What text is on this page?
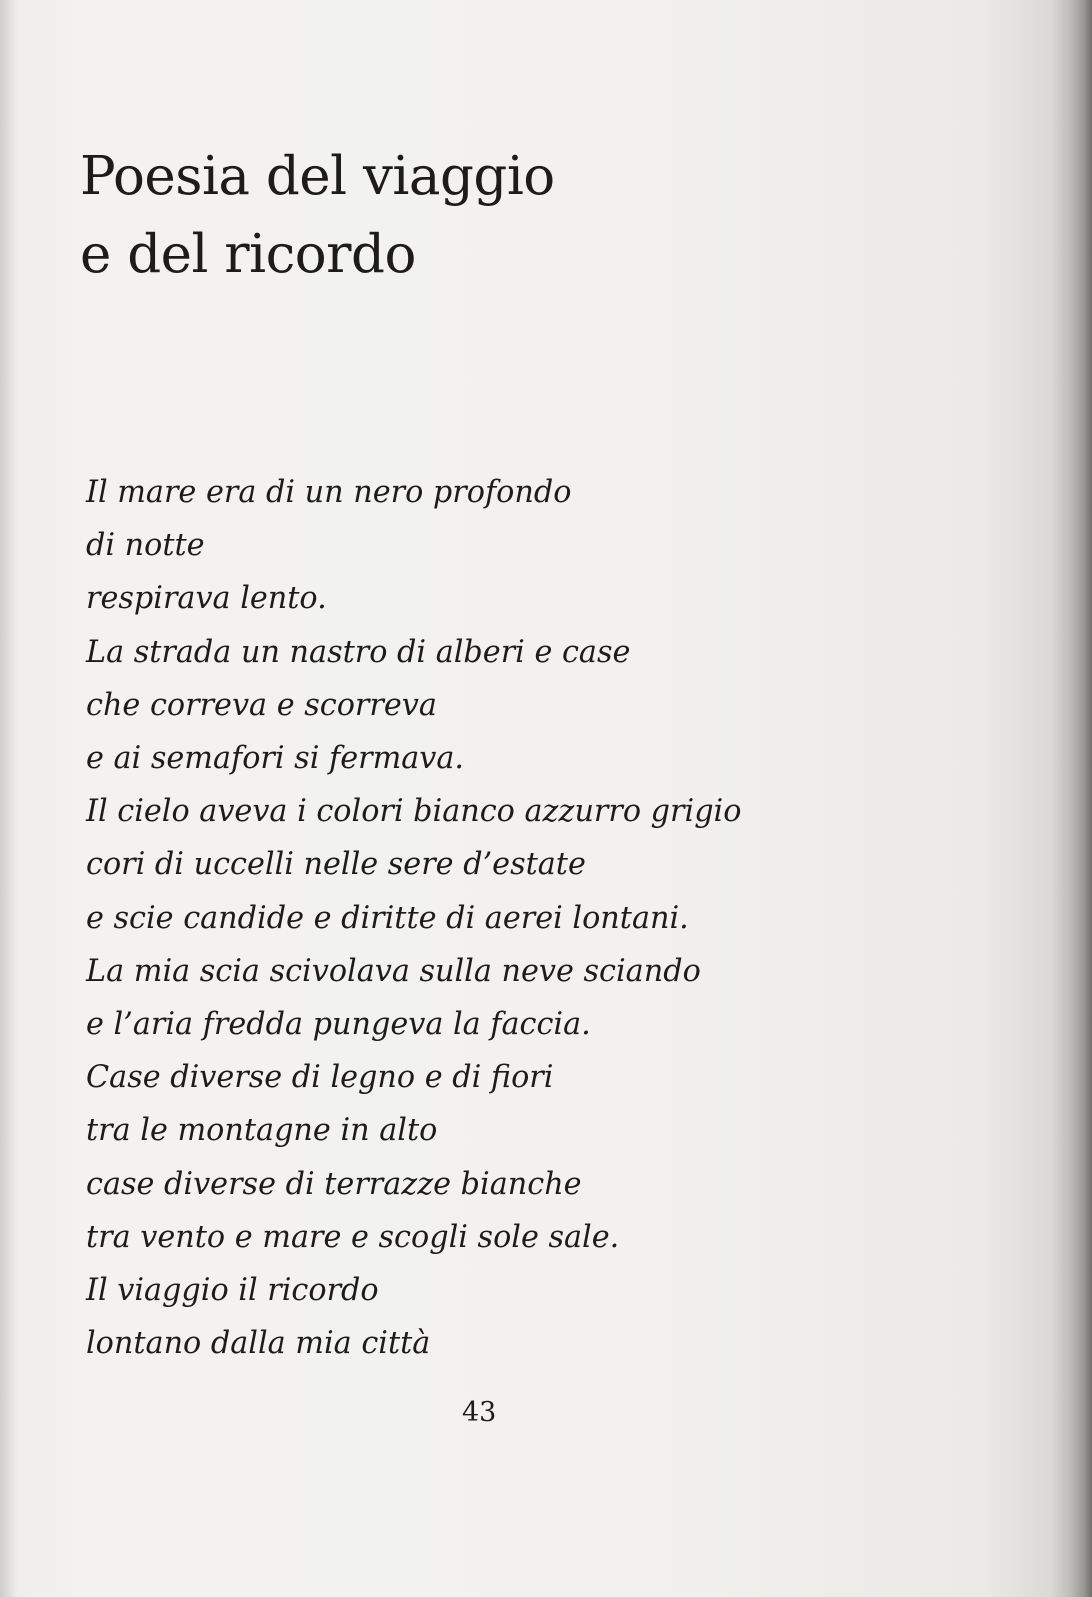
Poesia del viaggio
e del ricordo
Il mare era di un nero profondo
di notte
respirava lento.
La strada un nastro di alberi e case
che correva e scorreva
e ai semafori si fermava.
Il cielo aveva i colori bianco azzurro grigio
cori di uccelli nelle sere d’estate
e scie candide e diritte di aerei lontani.
La mia scia scivolava sulla neve sciando
e l’aria fredda pungeva la faccia.
Case diverse di legno e di fiori
tra le montagne in alto
case diverse di terrazze bianche
tra vento e mare e scogli sole sale.
Il viaggio il ricordo
lontano dalla mia città

43
